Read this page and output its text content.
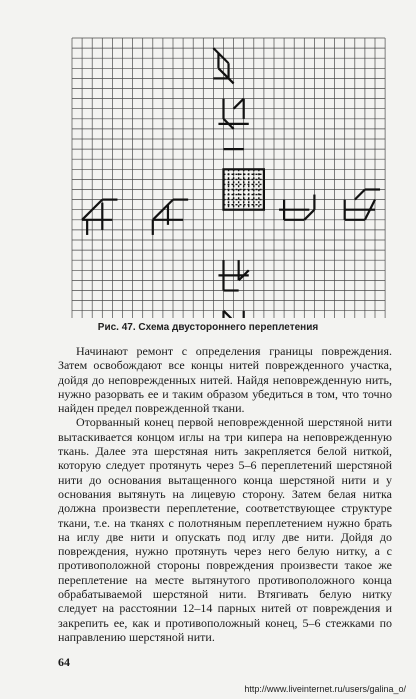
Рис. 47. Схема двустороннего переплетения

Начинают ремонт с определения границы повреждения. Затем освобождают все концы нитей поврежденного участка, дойдя до неповрежденных нитей. Найдя неповрежденную нить, нужно разорвать ее и таким образом убедиться в том, что точно найден предел поврежденной ткани.

Оторванный конец первой неповрежденной шерстяной нити вытаскивается концом иглы на три кипера на неповрежденную ткань. Далее эта шерстяная нить закрепляется белой ниткой, которую следует протянуть через 5–6 переплетений шерстяной нити до основания вытащенного конца шерстяной нити и у основания вытянуть на лицевую сторону. Затем белая нитка должна произвести переплетение, соответствующее структуре ткани, т.е. на тканях с полотняным переплетением нужно брать на иглу две нити и опускать под иглу две нити. Дойдя до повреждения, нужно протянуть через него белую нитку, а с противоположной стороны повреждения произвести такое же переплетение на месте вытянутого противоположного конца обрабатываемой шерстяной нити. Втягивать белую нитку следует на расстоянии 12–14 парных нитей от повреждения и закрепить ее, как и противоположный конец, 5–6 стежками по направлению шерстяной нити.

64
http://www.liveinternet.ru/users/galina_o/
